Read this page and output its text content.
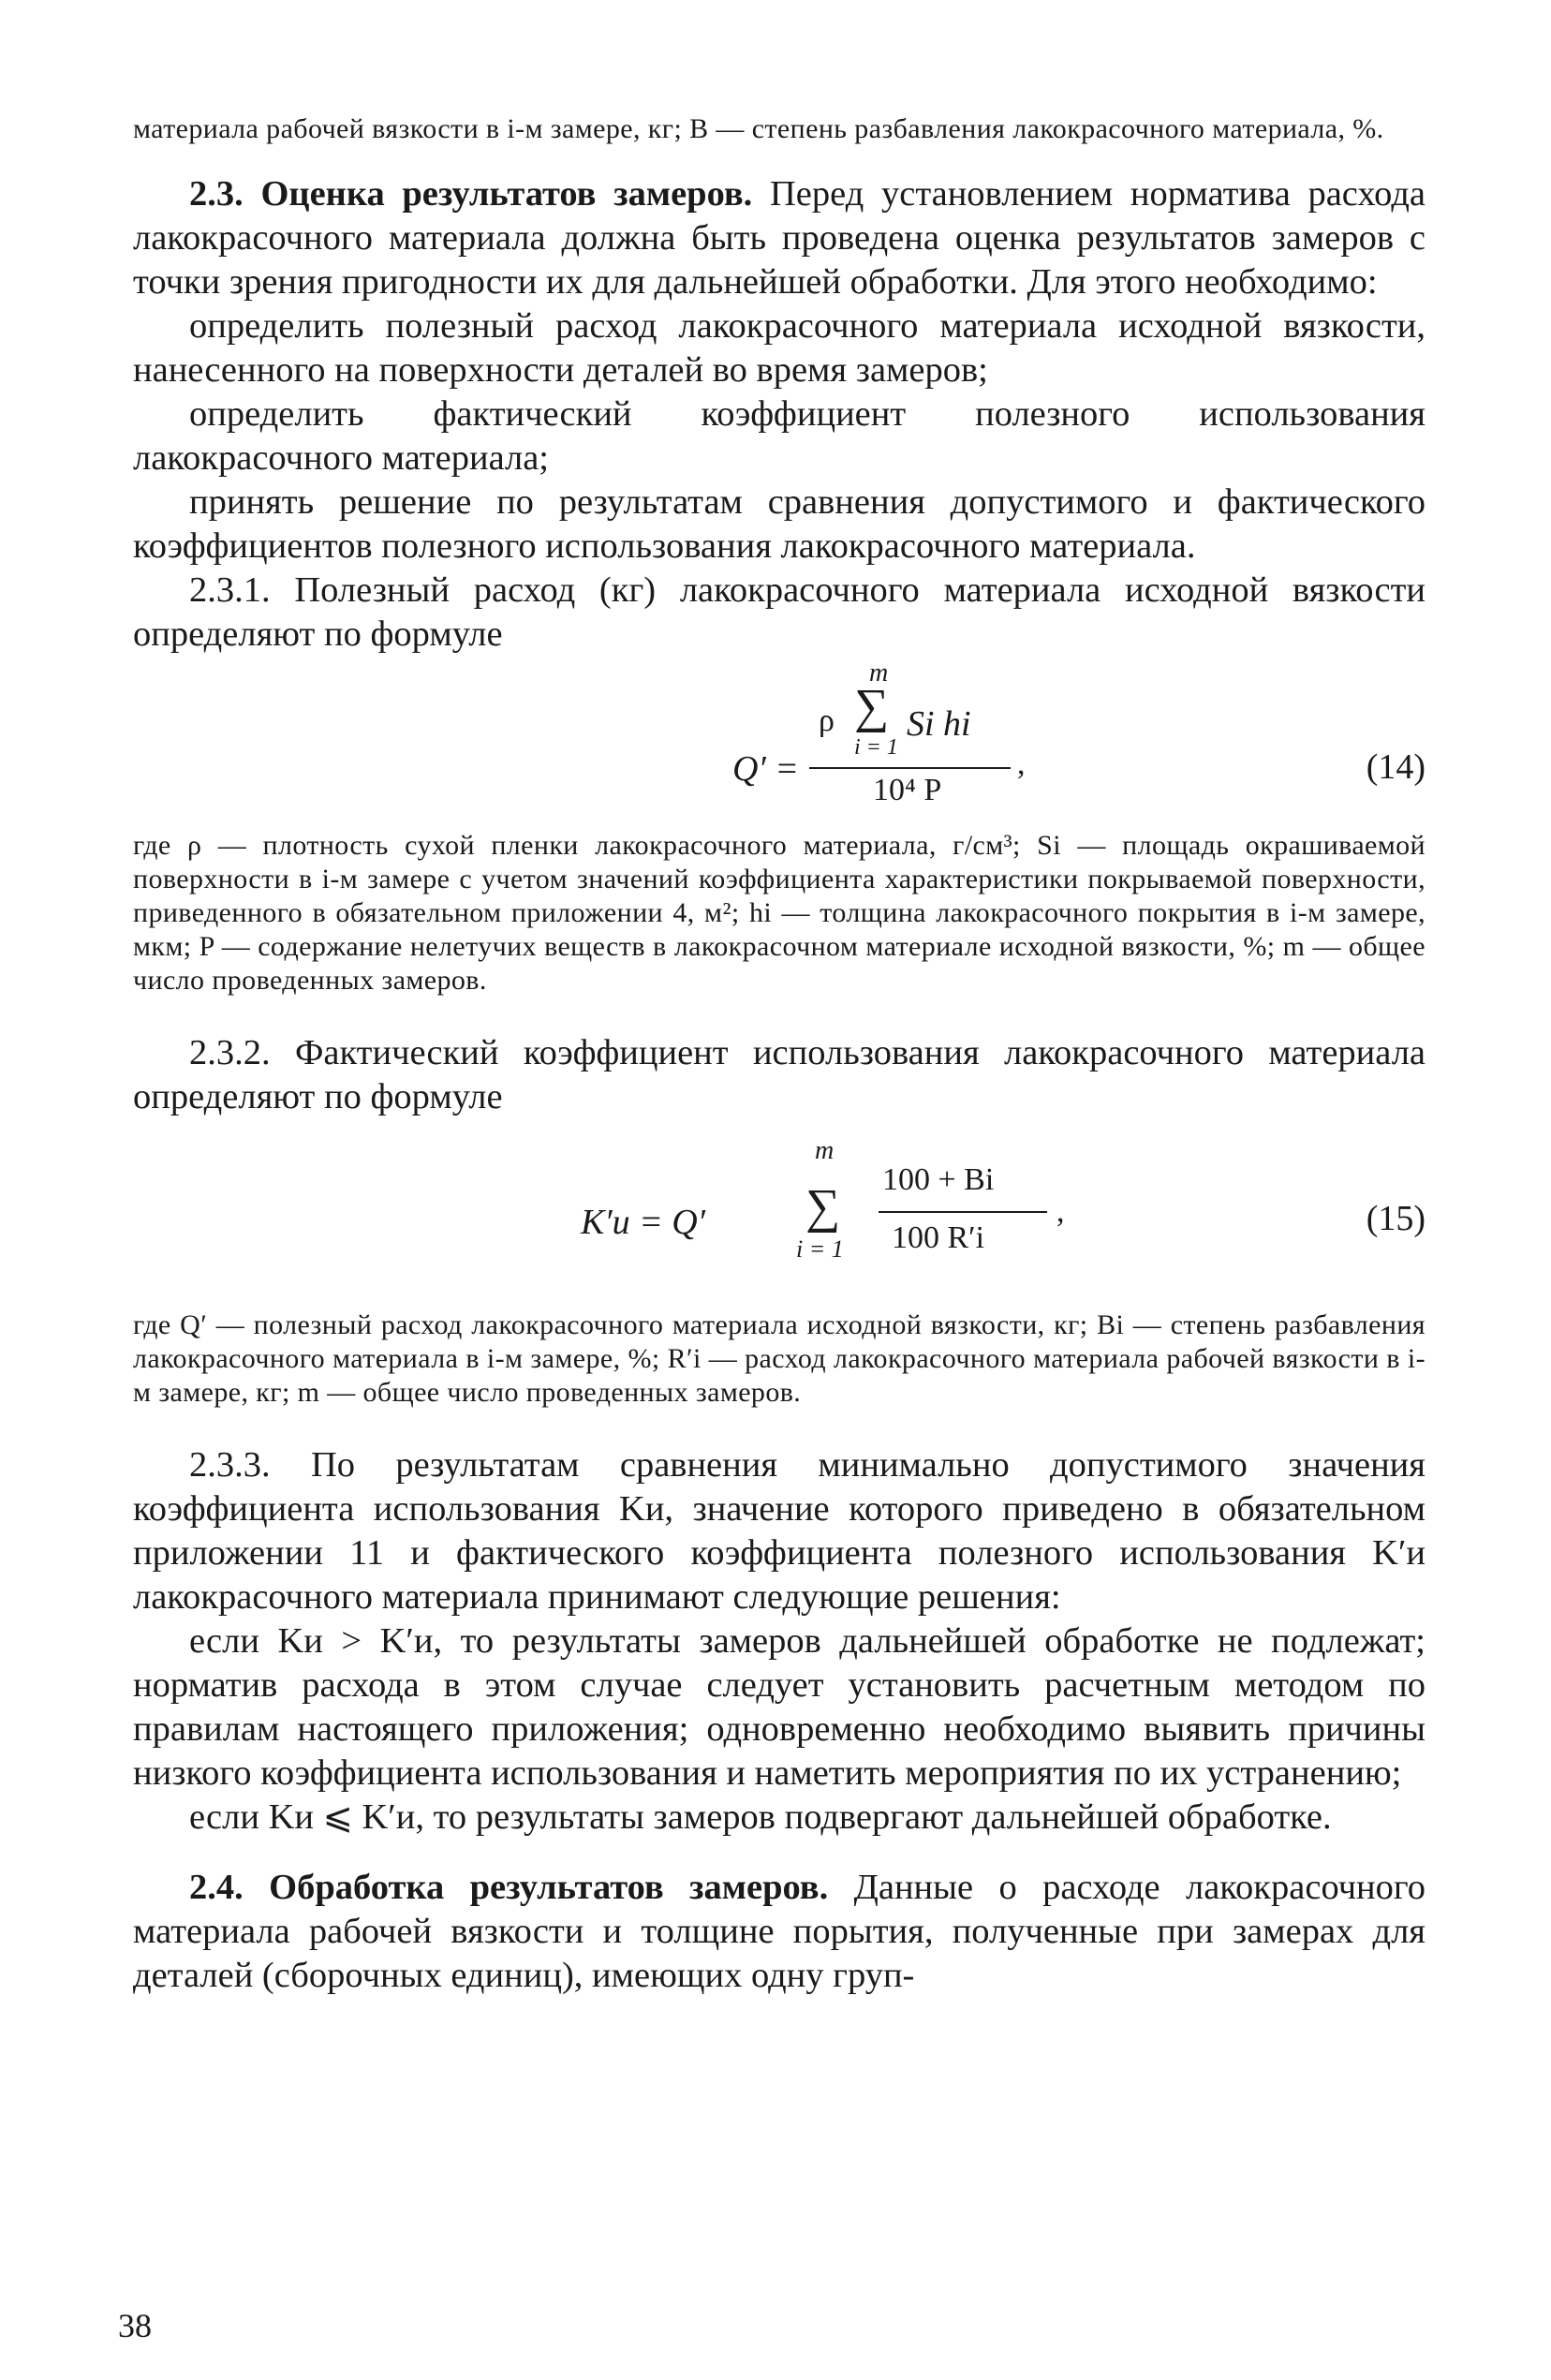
материала рабочей вязкости в i-м замере, кг; B — степень разбавления лакокрасочного материала, %.

2.3. Оценка результатов замеров. Перед установлением норматива расхода лакокрасочного материала должна быть проведена оценка результатов замеров с точки зрения пригодности их для дальнейшей обработки. Для этого необходимо:

определить полезный расход лакокрасочного материала исходной вязкости, нанесенного на поверхности деталей во время замеров;

определить фактический коэффициент полезного использования лакокрасочного материала;

принять решение по результатам сравнения допустимого и фактического коэффициентов полезного использования лакокрасочного материала.

2.3.1. Полезный расход (кг) лакокрасочного материала исходной вязкости определяют по формуле

Q′ =
m
ρ ∑ Si hi
i = 1
10⁴ P
,	(14)

где ρ — плотность сухой пленки лакокрасочного материала, г/см³; Si — площадь окрашиваемой поверхности в i-м замере с учетом значений коэффициента характеристики покрываемой поверхности, приведенного в обязательном приложении 4, м²; hi — толщина лакокрасочного покрытия в i-м замере, мкм; P — содержание нелетучих веществ в лакокрасочном материале исходной вязкости, %; m — общее число проведенных замеров.

2.3.2. Фактический коэффициент использования лакокрасочного материала определяют по формуле

K′и = Q′
m
∑
i = 1
100 + Bi
100 R′i
,	(15)

где Q′ — полезный расход лакокрасочного материала исходной вязкости, кг; Bi — степень разбавления лакокрасочного материала в i-м замере, %; R′i — расход лакокрасочного материала рабочей вязкости в i-м замере, кг; m — общее число проведенных замеров.

2.3.3. По результатам сравнения минимально допустимого значения коэффициента использования Kи, значение которого приведено в обязательном приложении 11 и фактического коэффициента полезного использования K′и лакокрасочного материала принимают следующие решения:

если Kи > K′и, то результаты замеров дальнейшей обработке не подлежат; норматив расхода в этом случае следует установить расчетным методом по правилам настоящего приложения; одновременно необходимо выявить причины низкого коэффициента использования и наметить мероприятия по их устранению;

если Kи ⩽ K′и, то результаты замеров подвергают дальнейшей обработке.

2.4. Обработка результатов замеров. Данные о расходе лакокрасочного материала рабочей вязкости и толщине порытия, полученные при замерах для деталей (сборочных единиц), имеющих одну груп-

38
